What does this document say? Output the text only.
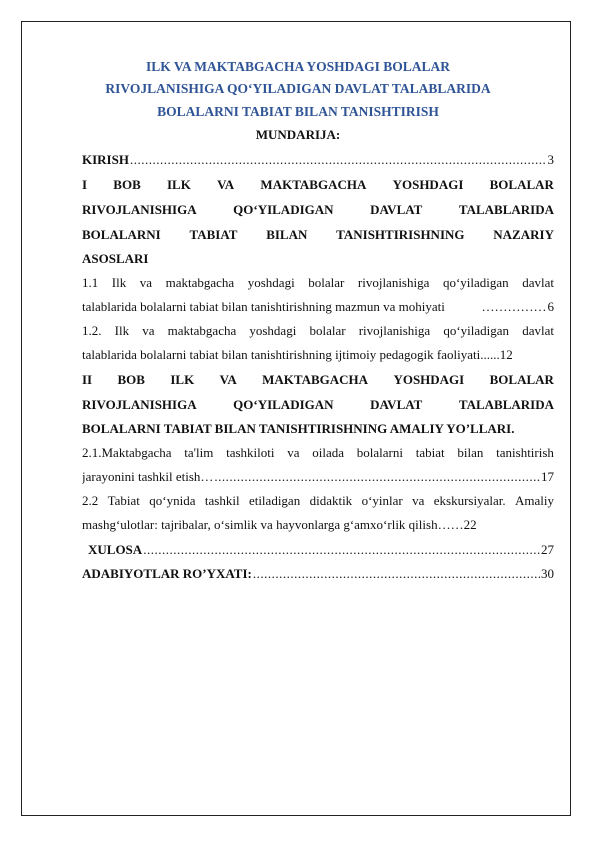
ILK VA MAKTABGACHA YOSHDAGI BOLALAR
RIVOJLANISHIGA QO‘YILADIGAN DAVLAT TALABLARIDA
BOLALARNI TABIAT BILAN TANISHTIRISH
MUNDARIJA:
KIRISH .....	3
I BOB ILK VA MAKTABGACHA YOSHDAGI BOLALAR
RIVOJLANISHIGA	QO‘YILADIGAN	DAVLAT	TALABLARIDA
BOLALARNI TABIAT BILAN TANISHTIRISHNING NAZARIY
ASOSLARI
1.1 Ilk va maktabgacha yoshdagi bolalar rivojlanishiga qo‘yiladigan davlat
talablarida bolalarni tabiat bilan tanishtirishning mazmun va mohiyati	…………… 6
1.2. Ilk va maktabgacha yoshdagi bolalar rivojlanishiga qo‘yiladigan davlat
talablarida bolalarni tabiat bilan tanishtirishning ijtimoiy pedagogik faoliyati......12
II BOB ILK VA MAKTABGACHA YOSHDAGI BOLALAR
RIVOJLANISHIGA	QO‘YILADIGAN	DAVLAT	TALABLARIDA
BOLALARNI TABIAT BILAN TANISHTIRISHNING AMALIY YO’LLARI.
2.1.Maktabgacha ta'lim tashkiloti va oilada bolalarni tabiat bilan tanishtirish
jarayonini tashkil etish… .....	17
2.2 Tabiat qo‘ynida tashkil etiladigan didaktik o‘yinlar va ekskursiyalar. Amaliy
mashg‘ulotlar: tajribalar, o‘simlik va hayvonlarga g‘amxo‘rlik qilish……22
XULOSA .....	27
ADABIYOTLAR RO’YXATI: .....	30
